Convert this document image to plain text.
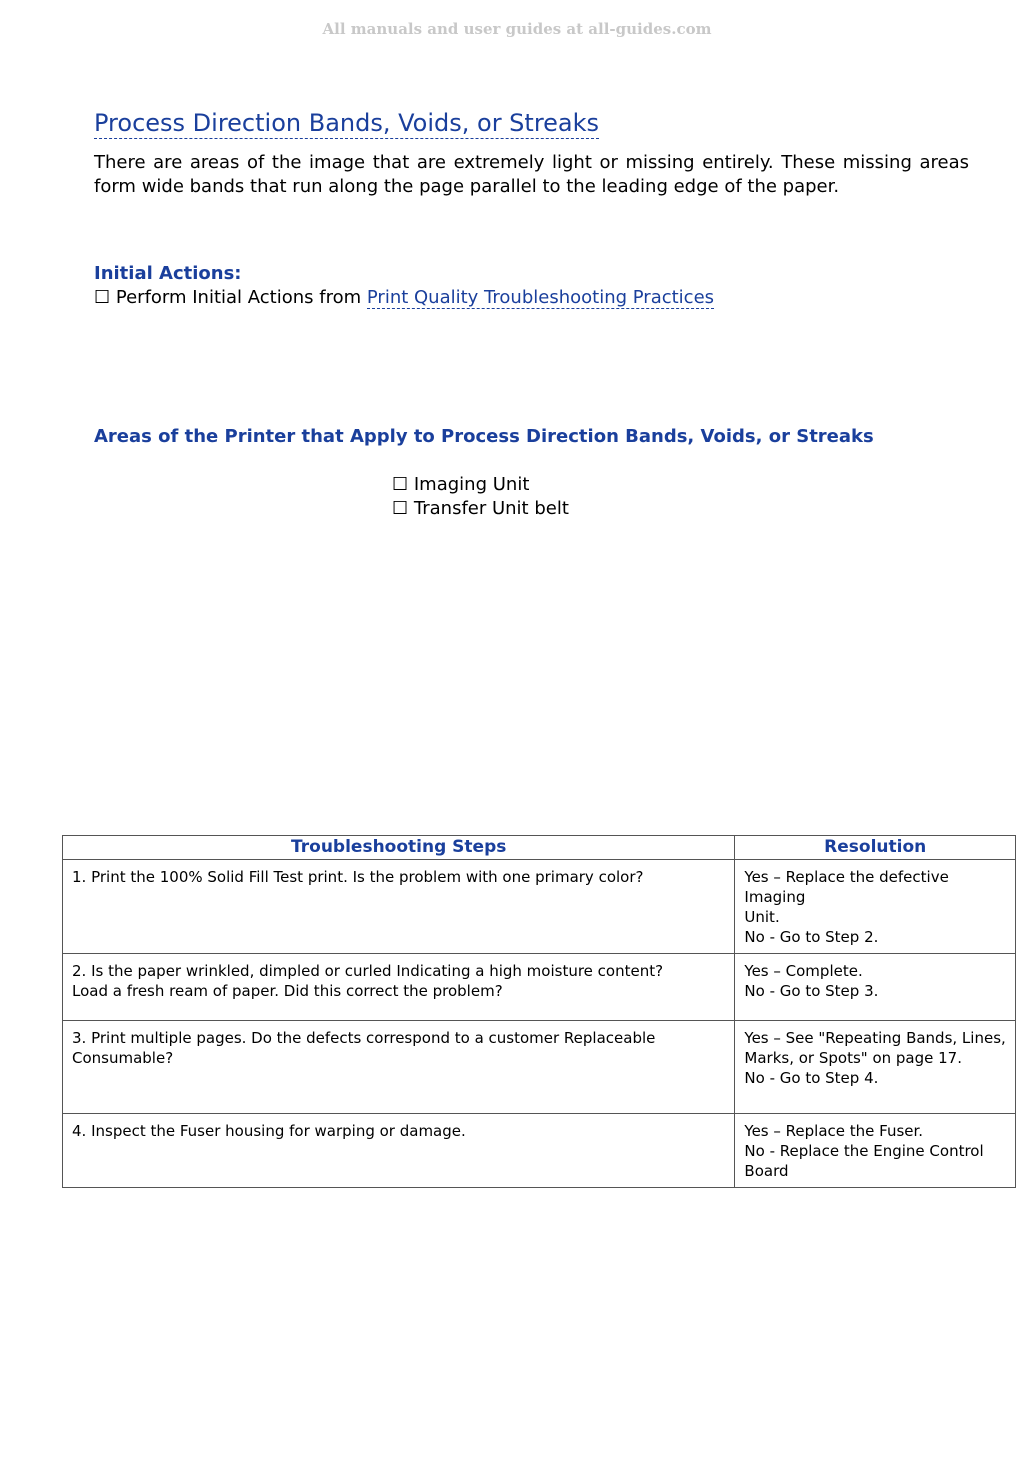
All manuals and user guides at all-guides.com
Process Direction Bands, Voids, or Streaks
There are areas of the image that are extremely light or missing entirely. These missing areas form wide bands that run along the page parallel to the leading edge of the paper.
Initial Actions:
☐ Perform Initial Actions from Print Quality Troubleshooting Practices
Areas of the Printer that Apply to Process Direction Bands, Voids, or Streaks
☐ Imaging Unit
☐ Transfer Unit belt
Troubleshooting Steps	Resolution

1. Print the 100% Solid Fill Test print. Is the problem with one primary color?	Yes – Replace the defective Imaging
Unit.
No - Go to Step 2.

2. Is the paper wrinkled, dimpled or curled Indicating a high moisture content?
Load a fresh ream of paper. Did this correct the problem?	Yes – Complete.
No - Go to Step 3.

3. Print multiple pages. Do the defects correspond to a customer Replaceable Consumable?	Yes – See "Repeating Bands, Lines, Marks, or Spots" on page 17.
No - Go to Step 4.

4. Inspect the Fuser housing for warping or damage.	Yes – Replace the Fuser.
No - Replace the Engine Control Board
